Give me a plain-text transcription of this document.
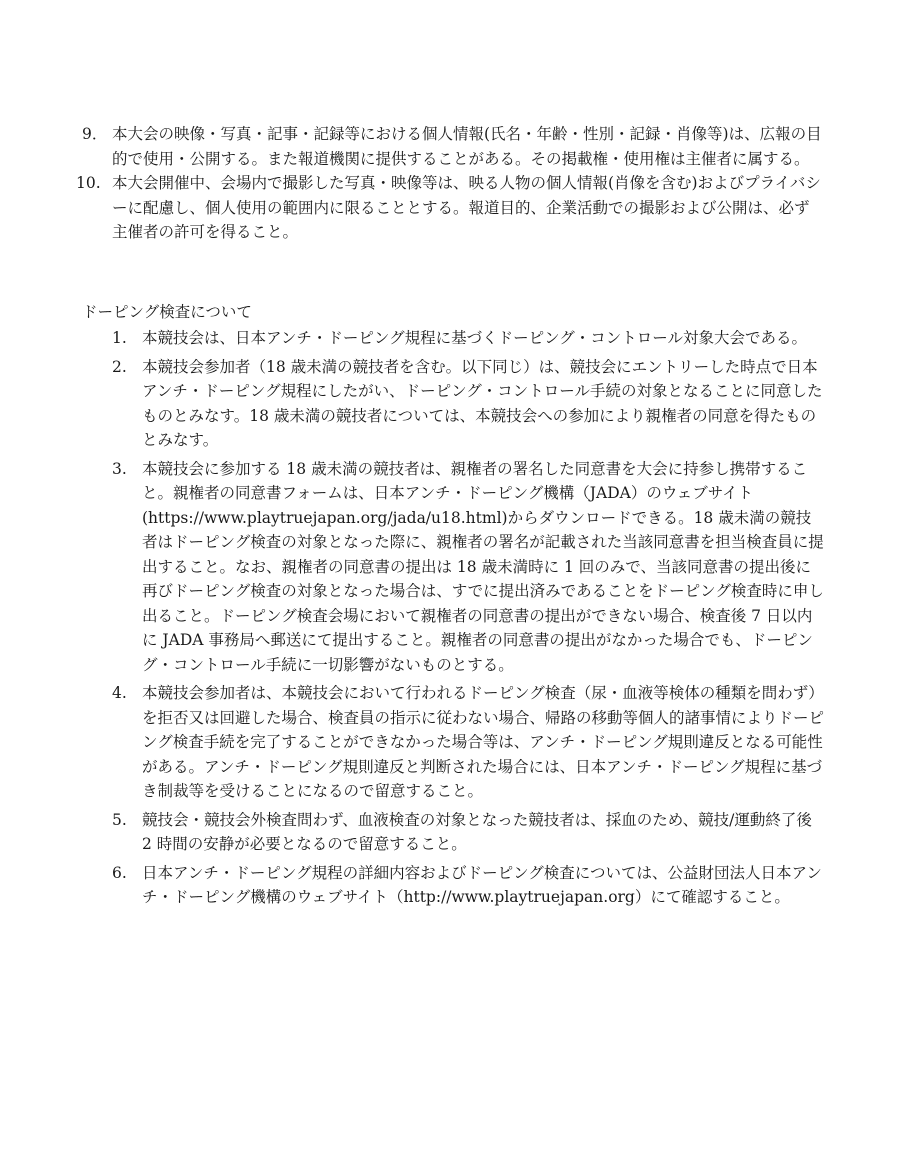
9． 本大会の映像・写真・記事・記録等における個人情報(氏名・年齢・性別・記録・肖像等)は、広報の目的で使用・公開する。また報道機関に提供することがある。その掲載権・使用権は主催者に属する。
10. 本大会開催中、会場内で撮影した写真・映像等は、映る人物の個人情報(肖像を含む)およびプライバシーに配慮し、個人使用の範囲内に限ることとする。報道目的、企業活動での撮影および公開は、必ず主催者の許可を得ること。
ドーピング検査について
1. 本競技会は、日本アンチ・ドーピング規程に基づくドーピング・コントロール対象大会である。
2. 本競技会参加者（18 歳未満の競技者を含む。以下同じ）は、競技会にエントリーした時点で日本アンチ・ドーピング規程にしたがい、ドーピング・コントロール手続の対象となることに同意したものとみなす。18 歳未満の競技者については、本競技会への参加により親権者の同意を得たものとみなす。
3. 本競技会に参加する 18 歳未満の競技者は、親権者の署名した同意書を大会に持参し携帯すること。親権者の同意書フォームは、日本アンチ・ドーピング機構（JADA）のウェブサイト(https://www.playtruejapan.org/jada/u18.html)からダウンロードできる。18 歳未満の競技者はドーピング検査の対象となった際に、親権者の署名が記載された当該同意書を担当検査員に提出すること。なお、親権者の同意書の提出は 18 歳未満時に 1 回のみで、当該同意書の提出後に再びドーピング検査の対象となった場合は、すでに提出済みであることをドーピング検査時に申し出ること。ドーピング検査会場において親権者の同意書の提出ができない場合、検査後 7 日以内に JADA 事務局へ郵送にて提出すること。親権者の同意書の提出がなかった場合でも、ドーピング・コントロール手続に一切影響がないものとする。
4. 本競技会参加者は、本競技会において行われるドーピング検査（尿・血液等検体の種類を問わず）を拒否又は回避した場合、検査員の指示に従わない場合、帰路の移動等個人的諸事情によりドーピング検査手続を完了することができなかった場合等は、アンチ・ドーピング規則違反となる可能性がある。アンチ・ドーピング規則違反と判断された場合には、日本アンチ・ドーピング規程に基づき制裁等を受けることになるので留意すること。
5. 競技会・競技会外検査問わず、血液検査の対象となった競技者は、採血のため、競技/運動終了後 2 時間の安静が必要となるので留意すること。
6. 日本アンチ・ドーピング規程の詳細内容およびドーピング検査については、公益財団法人日本アンチ・ドーピング機構のウェブサイト（http://www.playtruejapan.org）にて確認すること。
